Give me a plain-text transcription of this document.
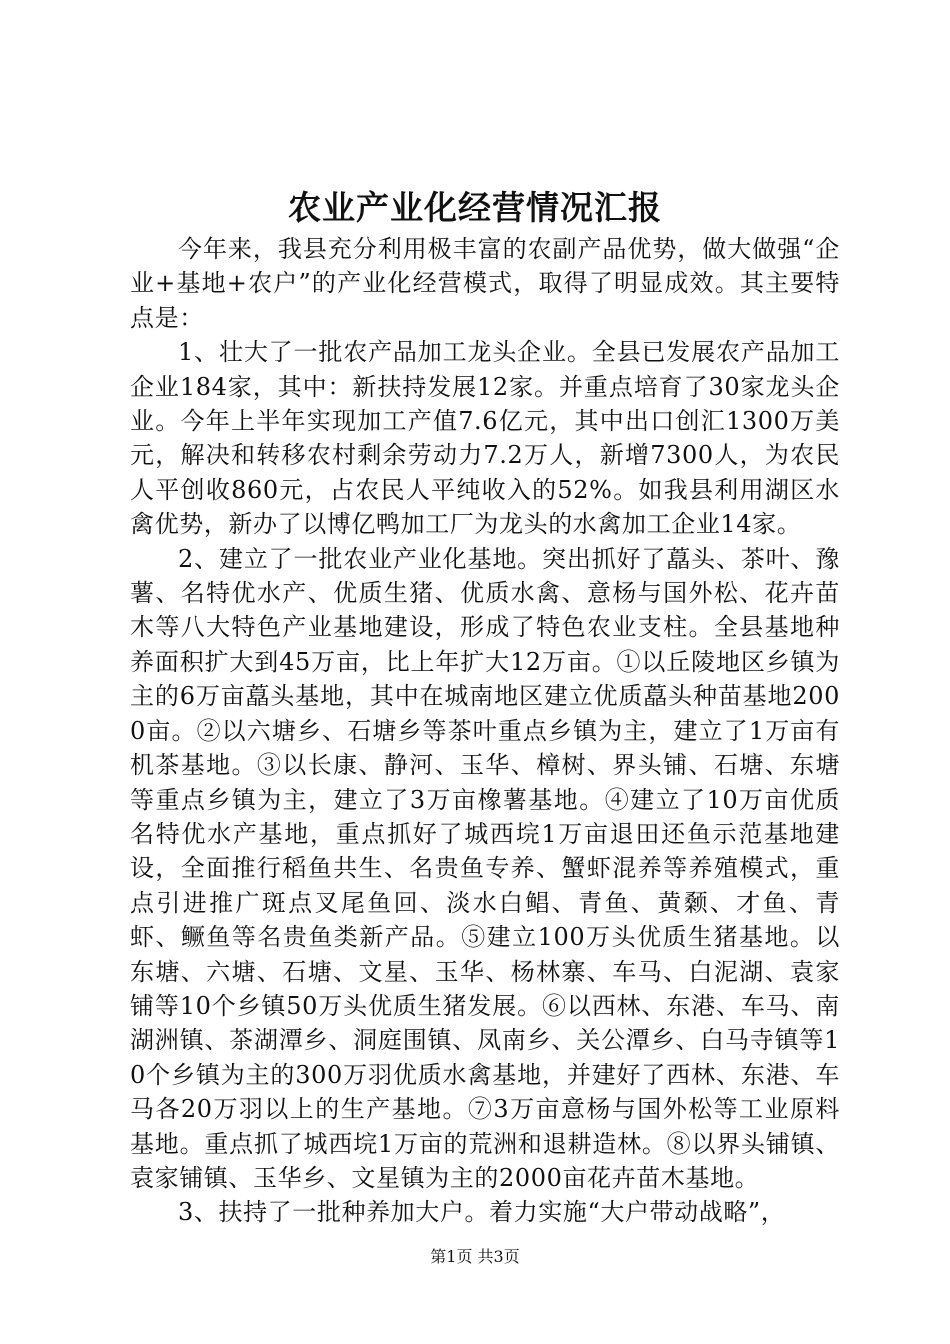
农业产业化经营情况汇报

今年来，我县充分利用极丰富的农副产品优势，做大做强“企业+基地+农户”的产业化经营模式，取得了明显成效。其主要特点是：

1、壮大了一批农产品加工龙头企业。全县已发展农产品加工企业184家，其中：新扶持发展12家。并重点培育了30家龙头企业。今年上半年实现加工产值7.6亿元，其中出口创汇1300万美元，解决和转移农村剩余劳动力7.2万人，新增7300人，为农民人平创收860元，占农民人平纯收入的52%。如我县利用湖区水禽优势，新办了以博亿鸭加工厂为龙头的水禽加工企业14家。

2、建立了一批农业产业化基地。突出抓好了藠头、茶叶、豫薯、名特优水产、优质生猪、优质水禽、意杨与国外松、花卉苗木等八大特色产业基地建设，形成了特色农业支柱。全县基地种养面积扩大到45万亩，比上年扩大12万亩。①以丘陵地区乡镇为主的6万亩藠头基地，其中在城南地区建立优质藠头种苗基地2000亩。②以六塘乡、石塘乡等茶叶重点乡镇为主，建立了1万亩有机茶基地。③以长康、静河、玉华、樟树、界头铺、石塘、东塘等重点乡镇为主，建立了3万亩橡薯基地。④建立了10万亩优质名特优水产基地，重点抓好了城西垸1万亩退田还鱼示范基地建设，全面推行稻鱼共生、名贵鱼专养、蟹虾混养等养殖模式，重点引进推广斑点叉尾鱼回、淡水白鲳、青鱼、黄颡、才鱼、青虾、鳜鱼等名贵鱼类新产品。⑤建立100万头优质生猪基地。以东塘、六塘、石塘、文星、玉华、杨林寨、车马、白泥湖、袁家铺等10个乡镇50万头优质生猪发展。⑥以西林、东港、车马、南湖洲镇、茶湖潭乡、洞庭围镇、凤南乡、关公潭乡、白马寺镇等10个乡镇为主的300万羽优质水禽基地，并建好了西林、东港、车马各20万羽以上的生产基地。⑦3万亩意杨与国外松等工业原料基地。重点抓了城西垸1万亩的荒洲和退耕造林。⑧以界头铺镇、袁家铺镇、玉华乡、文星镇为主的2000亩花卉苗木基地。

3、扶持了一批种养加大户。着力实施“大户带动战略”，

第1页 共3页
